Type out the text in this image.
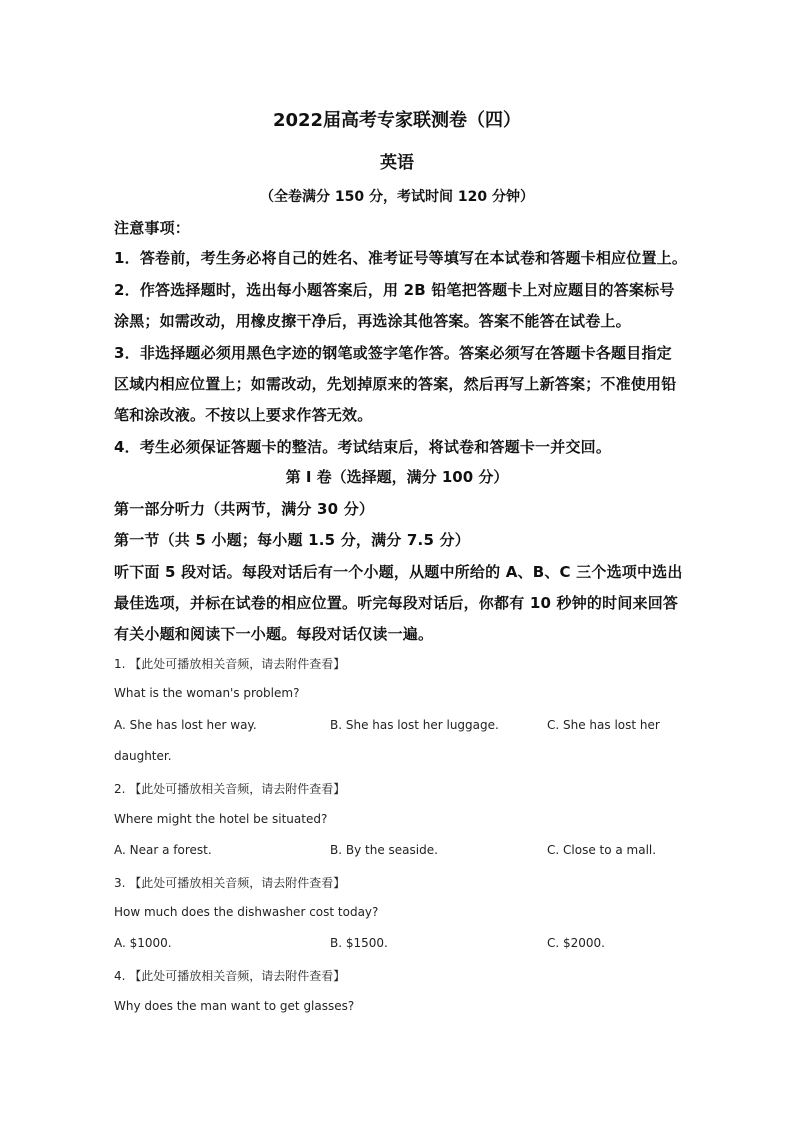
2022届高考专家联测卷（四）
英语
（全卷满分 150 分，考试时间 120 分钟）
注意事项：
1．答卷前，考生务必将自己的姓名、准考证号等填写在本试卷和答题卡相应位置上。
2．作答选择题时，选出每小题答案后，用 2B 铅笔把答题卡上对应题目的答案标号
涂黑；如需改动，用橡皮擦干净后，再选涂其他答案。答案不能答在试卷上。
3．非选择题必须用黑色字迹的钢笔或签字笔作答。答案必须写在答题卡各题目指定
区域内相应位置上；如需改动，先划掉原来的答案，然后再写上新答案；不准使用铅
笔和涂改液。不按以上要求作答无效。
4．考生必须保证答题卡的整洁。考试结束后，将试卷和答题卡一并交回。
第 I 卷（选择题，满分 100 分）
第一部分听力（共两节，满分 30 分）
第一节（共 5 小题；每小题 1.5 分，满分 7.5 分）
听下面 5 段对话。每段对话后有一个小题，从题中所给的 A、B、C 三个选项中选出
最佳选项，并标在试卷的相应位置。听完每段对话后，你都有 10 秒钟的时间来回答
有关小题和阅读下一小题。每段对话仅读一遍。
1. 【此处可播放相关音频，请去附件查看】
What is the woman's problem?
A. She has lost her way.	B. She has lost her luggage.	C. She has lost her
daughter.
2. 【此处可播放相关音频，请去附件查看】
Where might the hotel be situated?
A. Near a forest.	B. By the seaside.	C. Close to a mall.
3. 【此处可播放相关音频，请去附件查看】
How much does the dishwasher cost today?
A. $1000.	B. $1500.	C. $2000.
4. 【此处可播放相关音频，请去附件查看】
Why does the man want to get glasses?
